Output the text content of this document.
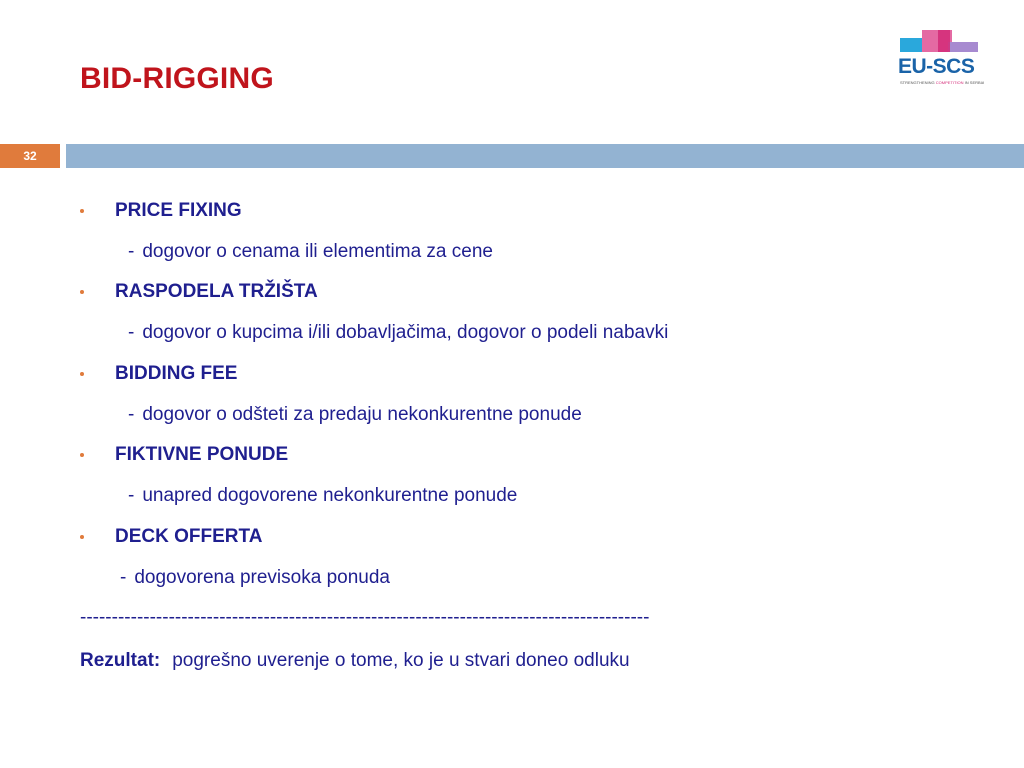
BID-RIGGING	EU-SCS
STRENGTHENING COMPETITION IN SERBIA
32
PRICE FIXING
- dogovor o cenama ili elementima za cene
RASPODELA TRŽIŠTA
- dogovor o kupcima i/ili dobavljačima, dogovor o podeli nabavki
BIDDING FEE
- dogovor o odšteti za predaju nekonkurentne ponude
FIKTIVNE PONUDE
- unapred dogovorene nekonkurentne ponude
DECK OFFERTA
- dogovorena previsoka ponuda
------------------------------------------------------------------------------------------
Rezultat: pogrešno uverenje o tome, ko je u stvari doneo odluku
